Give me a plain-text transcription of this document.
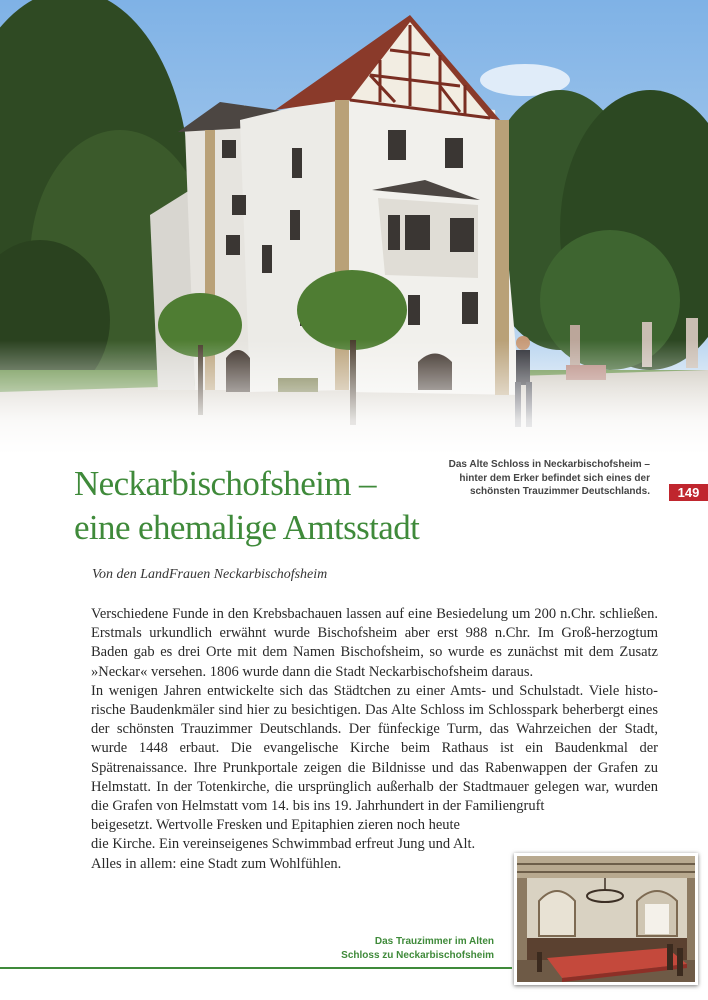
Neckarbischofsheim –
eine ehemalige Amtsstadt
Das Alte Schloss in Neckarbischofsheim – hinter dem Erker befindet sich eines der schönsten Trauzimmer Deutschlands.	149
Von den LandFrauen Neckarbischofsheim

Verschiedene Funde in den Krebsbachauen lassen auf eine Besiedelung um 200 n.Chr. schließen. Erstmals urkundlich erwähnt wurde Bischofsheim aber erst 988 n.Chr. Im Groß-herzogtum Baden gab es drei Orte mit dem Namen Bischofsheim, so wurde es zunächst mit dem Zusatz »Neckar« versehen. 1806 wurde dann die Stadt Neckarbischofsheim daraus.

In wenigen Jahren entwickelte sich das Städtchen zu einer Amts- und Schulstadt. Viele histo-rische Baudenkmäler sind hier zu besichtigen. Das Alte Schloss im Schlosspark beherbergt eines der schönsten Trauzimmer Deutschlands. Der fünfeckige Turm, das Wahrzeichen der Stadt, wurde 1448 erbaut. Die evangelische Kirche beim Rathaus ist ein Baudenkmal der Spätrenaissance. Ihre Prunkportale zeigen die Bildnisse und das Rabenwappen der Grafen zu Helmstatt. In der Totenkirche, die ursprünglich außerhalb der Stadtmauer gelegen war, wurden die Grafen von Helmstatt vom 14. bis ins 19. Jahrhundert in der Familiengruft

beigesetzt. Wertvolle Fresken und Epitaphien zieren noch heute

die Kirche. Ein vereinseigenes Schwimmbad erfreut Jung und Alt.

Alles in allem: eine Stadt zum Wohlfühlen.

Das Trauzimmer im Alten
Schloss zu Neckarbischofsheim
